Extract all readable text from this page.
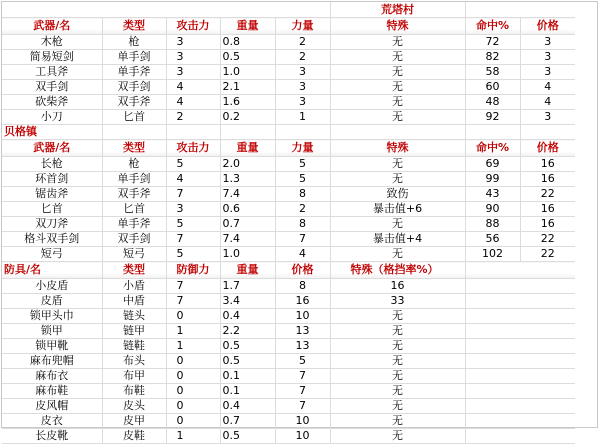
					荒塔村		
武器/名	类型	攻击力	重量	力量	特殊	命中%	价格
木枪	枪	3	0.8	2	无	72	3
简易短剑	单手剑	3	0.5	2	无	82	3
工具斧	单手斧	3	1.0	3	无	58	3
双手剑	双手剑	4	2.1	3	无	60	4
砍柴斧	双手斧	4	1.6	3	无	48	4
小刀	匕首	2	0.2	1	无	92	3
贝格镇							
武器/名	类型	攻击力	重量	力量	特殊	命中%	价格
长枪	枪	5	2.0	5	无	69	16
环首剑	单手剑	4	1.3	5	无	99	16
锯齿斧	双手斧	7	7.4	8	致伤	43	22
匕首	匕首	3	0.6	2	暴击值+6	90	16
双刀斧	单手斧	5	0.7	8	无	88	16
格斗双手剑	双手剑	7	7.4	7	暴击值+4	56	22
短弓	短弓	5	1.0	4	无	102	22
防具/名	类型	防御力	重量	价格	特殊（格挡率%）		
小皮盾	小盾	7	1.7	8	16		
皮盾	中盾	7	3.4	16	33		
锁甲头巾	链头	0	0.4	10	无		
锁甲	链甲	1	2.2	13	无		
锁甲靴	链鞋	1	0.5	13	无		
麻布兜帽	布头	0	0.5	5	无		
麻布衣	布甲	0	0.1	7	无		
麻布鞋	布鞋	0	0.1	7	无		
皮风帽	皮头	0	0.4	7	无		
皮衣	皮甲	0	0.7	10	无		
长皮靴	皮鞋	1	0.5	10	无		
